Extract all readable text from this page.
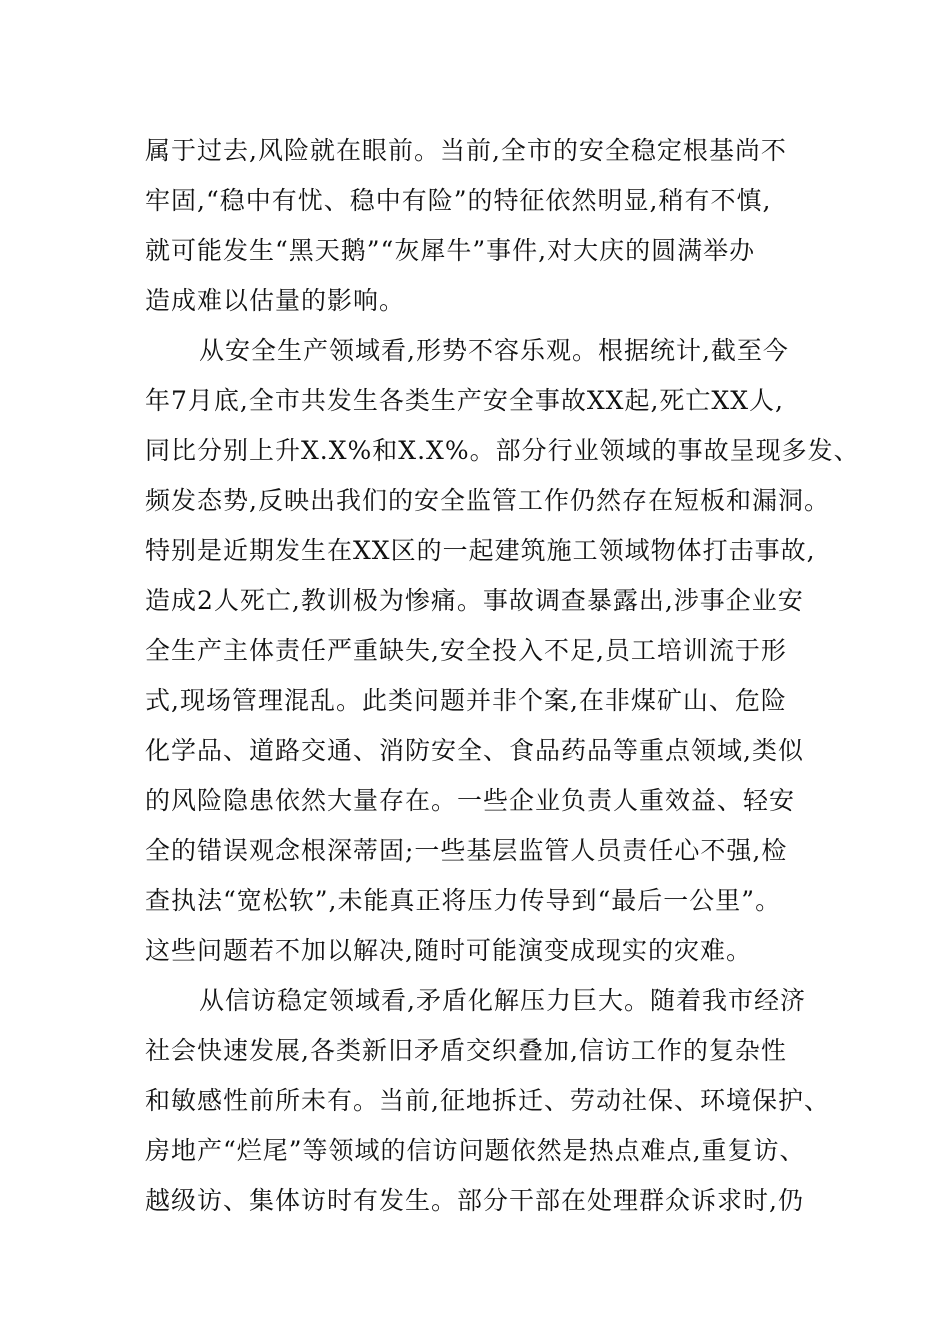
属于过去,风险就在眼前。当前,全市的安全稳定根基尚不
牢固,“稳中有忧、稳中有险”的特征依然明显,稍有不慎,
就可能发生“黑天鹅”“灰犀牛”事件,对大庆的圆满举办
造成难以估量的影响。
从安全生产领域看,形势不容乐观。根据统计,截至今
年7月底,全市共发生各类生产安全事故XX起,死亡XX人,
同比分别上升X.X%和X.X%。部分行业领域的事故呈现多发、
频发态势,反映出我们的安全监管工作仍然存在短板和漏洞。
特别是近期发生在XX区的一起建筑施工领域物体打击事故,
造成2人死亡,教训极为惨痛。事故调查暴露出,涉事企业安
全生产主体责任严重缺失,安全投入不足,员工培训流于形
式,现场管理混乱。此类问题并非个案,在非煤矿山、危险
化学品、道路交通、消防安全、食品药品等重点领域,类似
的风险隐患依然大量存在。一些企业负责人重效益、轻安
全的错误观念根深蒂固;一些基层监管人员责任心不强,检
查执法“宽松软”,未能真正将压力传导到“最后一公里”。
这些问题若不加以解决,随时可能演变成现实的灾难。
从信访稳定领域看,矛盾化解压力巨大。随着我市经济
社会快速发展,各类新旧矛盾交织叠加,信访工作的复杂性
和敏感性前所未有。当前,征地拆迁、劳动社保、环境保护、
房地产“烂尾”等领域的信访问题依然是热点难点,重复访、
越级访、集体访时有发生。部分干部在处理群众诉求时,仍
